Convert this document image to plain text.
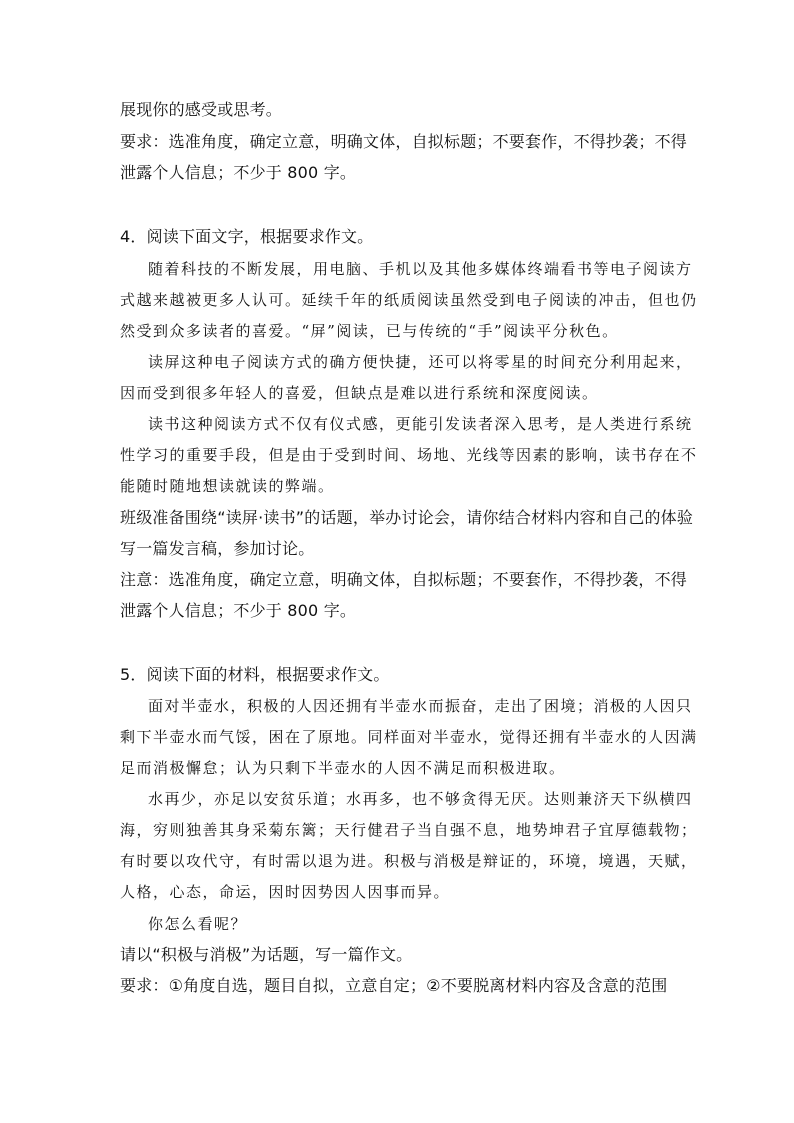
展现你的感受或思考。
要求：选准角度，确定立意，明确文体，自拟标题；不要套作，不得抄袭；不得
泄露个人信息；不少于 800 字。
4．阅读下面文字，根据要求作文。
随着科技的不断发展，用电脑、手机以及其他多媒体终端看书等电子阅读方
式越来越被更多人认可。延续千年的纸质阅读虽然受到电子阅读的冲击，但也仍
然受到众多读者的喜爱。“屏”阅读，已与传统的“手”阅读平分秋色。
读屏这种电子阅读方式的确方便快捷，还可以将零星的时间充分利用起来，
因而受到很多年轻人的喜爱，但缺点是难以进行系统和深度阅读。
读书这种阅读方式不仅有仪式感，更能引发读者深入思考，是人类进行系统
性学习的重要手段，但是由于受到时间、场地、光线等因素的影响，读书存在不
能随时随地想读就读的弊端。
班级准备围绕“读屏·读书”的话题，举办讨论会，请你结合材料内容和自己的体验
写一篇发言稿，参加讨论。
注意：选准角度，确定立意，明确文体，自拟标题；不要套作，不得抄袭，不得
泄露个人信息；不少于 800 字。
5．阅读下面的材料，根据要求作文。
面对半壶水，积极的人因还拥有半壶水而振奋，走出了困境；消极的人因只
剩下半壶水而气馁，困在了原地。同样面对半壶水，觉得还拥有半壶水的人因满
足而消极懈怠；认为只剩下半壶水的人因不满足而积极进取。
水再少，亦足以安贫乐道；水再多，也不够贪得无厌。达则兼济天下纵横四
海，穷则独善其身采菊东篱；天行健君子当自强不息，地势坤君子宜厚德载物；
有时要以攻代守，有时需以退为进。积极与消极是辩证的，环境，境遇，天赋，
人格，心态，命运，因时因势因人因事而异。
你怎么看呢？
请以“积极与消极”为话题，写一篇作文。
要求：①角度自选，题目自拟，立意自定；②不要脱离材料内容及含意的范围
